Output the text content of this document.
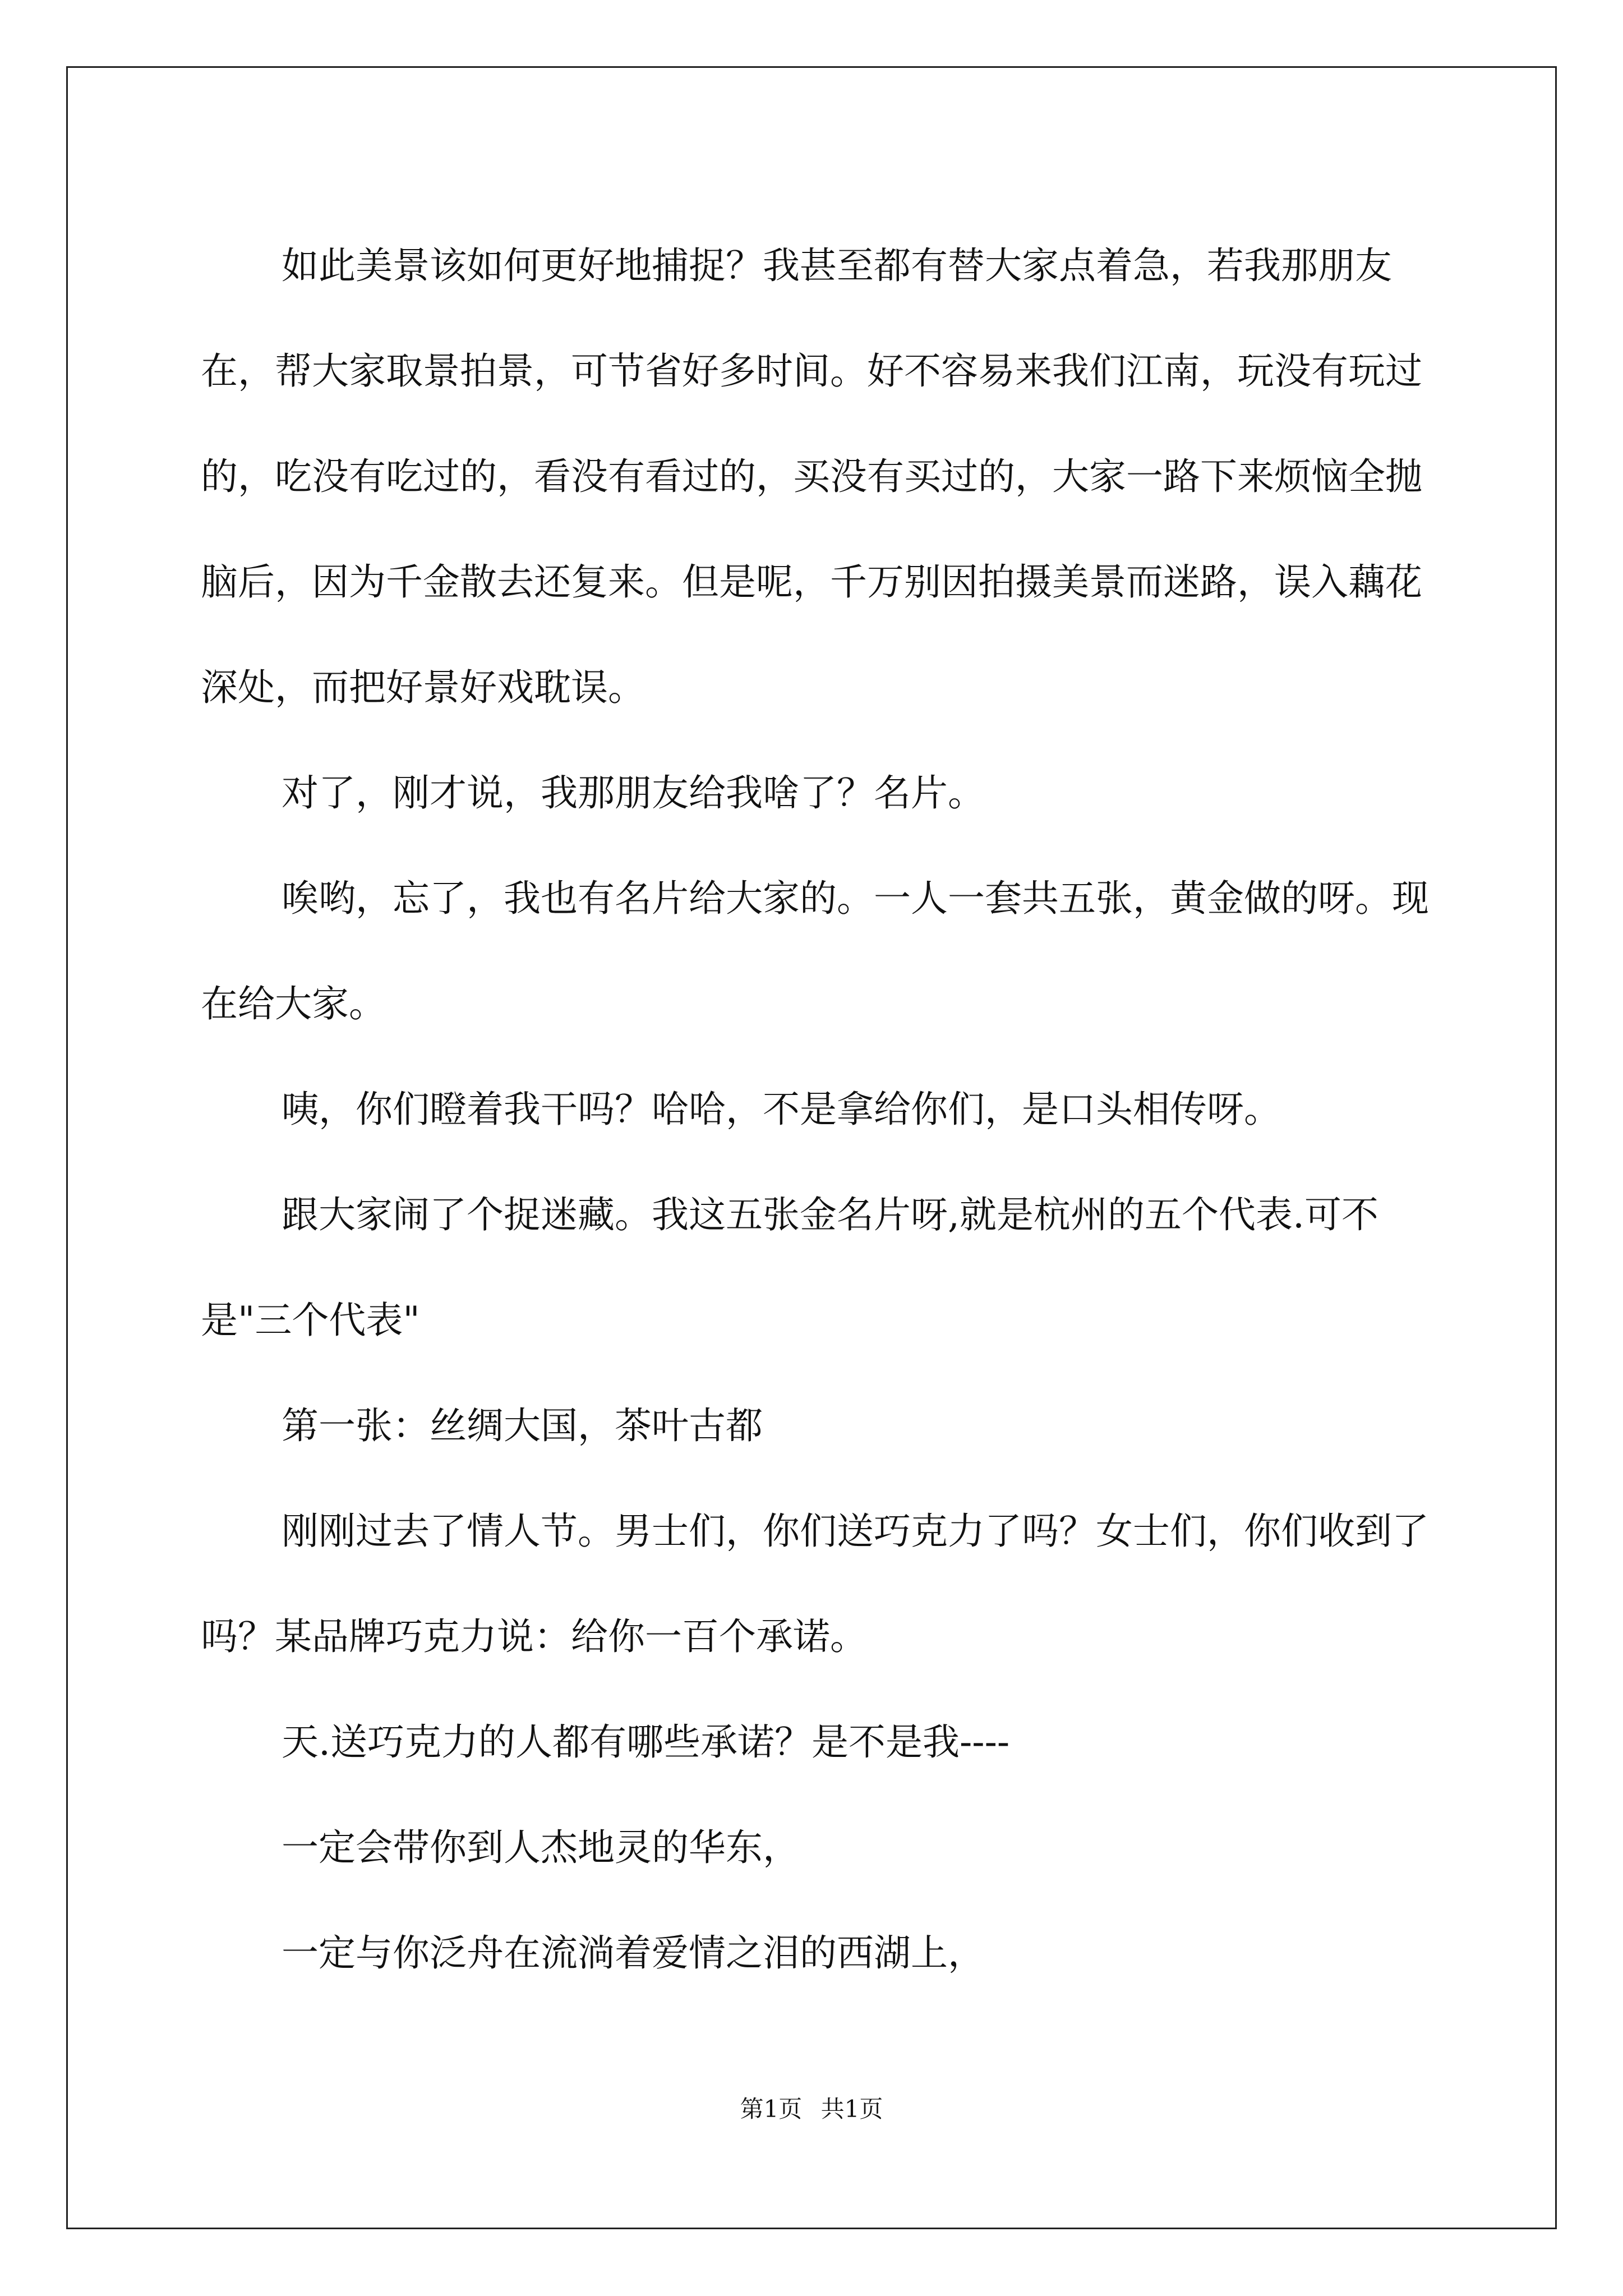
如此美景该如何更好地捕捉？我甚至都有替大家点着急，若我那朋友在，帮大家取景拍景，可节省好多时间。好不容易来我们江南，玩没有玩过的，吃没有吃过的，看没有看过的，买没有买过的，大家一路下来烦恼全抛脑后，因为千金散去还复来。但是呢，千万别因拍摄美景而迷路，误入藕花深处，而把好景好戏耽误。

对了，刚才说，我那朋友给我啥了？名片。

唉哟，忘了，我也有名片给大家的。一人一套共五张，黄金做的呀。现在给大家。

咦，你们瞪着我干吗？哈哈，不是拿给你们，是口头相传呀。

跟大家闹了个捉迷藏。我这五张金名片呀,就是杭州的五个代表.可不是"三个代表"

第一张：丝绸大国，茶叶古都

刚刚过去了情人节。男士们，你们送巧克力了吗？女士们，你们收到了吗？某品牌巧克力说：给你一百个承诺。

天.送巧克力的人都有哪些承诺？是不是我----

一定会带你到人杰地灵的华东，

一定与你泛舟在流淌着爱情之泪的西湖上，

第1页 共1页
